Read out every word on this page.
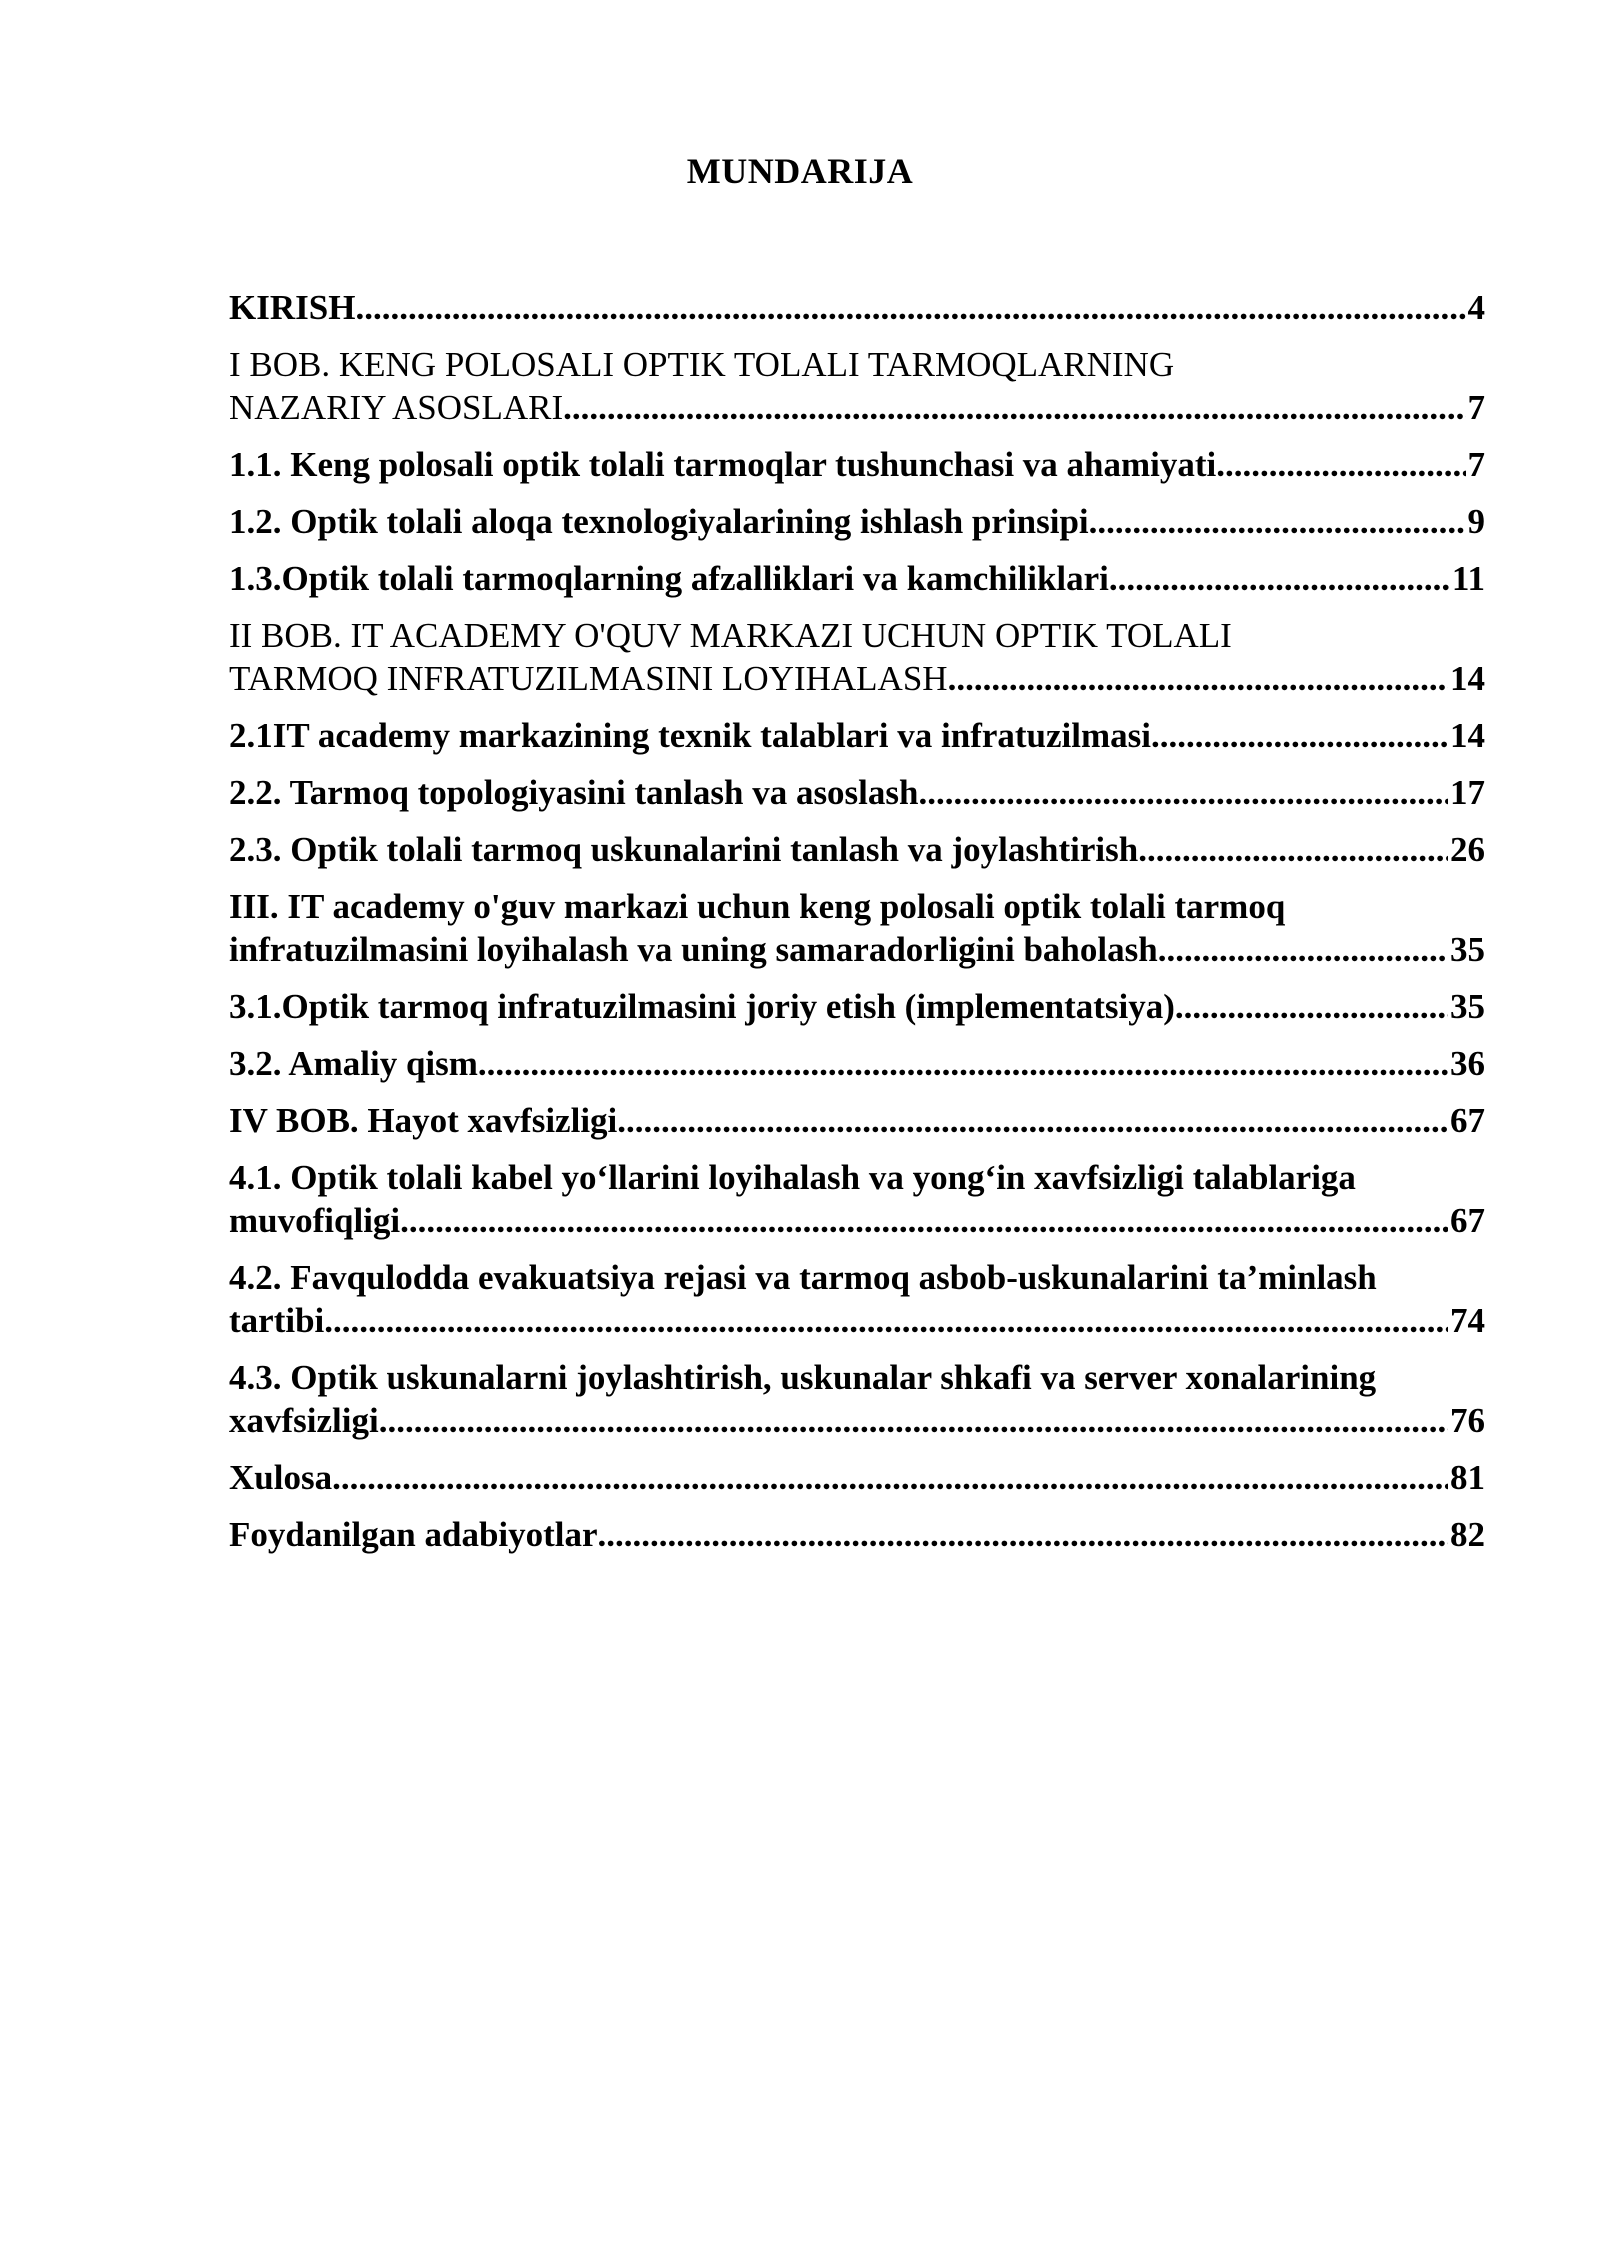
MUNDARIJA
KIRISH .....	4
I BOB. KENG POLOSALI OPTIK TOLALI TARMOQLARNING
NAZARIY ASOSLARI .....	7
1.1. Keng polosali optik tolali tarmoqlar tushunchasi va ahamiyati .....	7
1.2. Optik tolali aloqa texnologiyalarining ishlash prinsipi .....	9
1.3.Optik tolali tarmoqlarning afzalliklari va kamchiliklari .....	11
II BOB. IT ACADEMY O'QUV MARKAZI UCHUN OPTIK TOLALI
TARMOQ INFRATUZILMASINI LOYIHALASH .....	14
2.1IT academy markazining texnik talablari va infratuzilmasi .....	14
2.2. Tarmoq topologiyasini tanlash va asoslash .....	17
2.3. Optik tolali tarmoq uskunalarini tanlash va joylashtirish .....	26
III. IT academy o'guv markazi uchun keng polosali optik tolali tarmoq
infratuzilmasini loyihalash va uning samaradorligini baholash .....	35
3.1.Optik tarmoq infratuzilmasini joriy etish (implementatsiya) .....	35
3.2. Amaliy qism .....	36
IV BOB. Hayot xavfsizligi .....	67
4.1. Optik tolali kabel yo‘llarini loyihalash va yong‘in xavfsizligi talablariga
muvofiqligi .....	67
4.2. Favqulodda evakuatsiya rejasi va tarmoq asbob-uskunalarini ta’minlash
tartibi .....	74
4.3. Optik uskunalarni joylashtirish, uskunalar shkafi va server xonalarining
xavfsizligi .....	76
Xulosa .....	81
Foydanilgan adabiyotlar .....	82
